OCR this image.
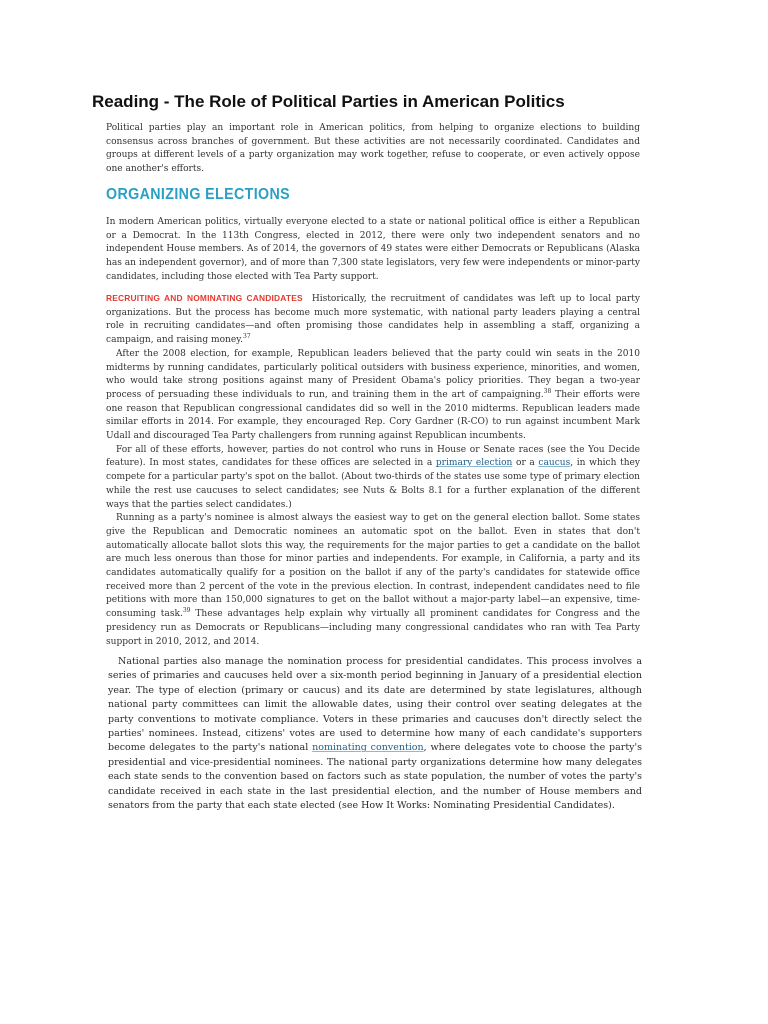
Reading - The Role of Political Parties in American Politics

Political parties play an important role in American politics, from helping to organize elections to building consensus across branches of government. But these activities are not necessarily coordinated. Candidates and groups at different levels of a party organization may work together, refuse to cooperate, or even actively oppose one another's efforts.

ORGANIZING ELECTIONS

In modern American politics, virtually everyone elected to a state or national political office is either a Republican or a Democrat. In the 113th Congress, elected in 2012, there were only two independent senators and no independent House members. As of 2014, the governors of 49 states were either Democrats or Republicans (Alaska has an independent governor), and of more than 7,300 state legislators, very few were independents or minor-party candidates, including those elected with Tea Party support.

RECRUITING AND NOMINATING CANDIDATES Historically, the recruitment of candidates was left up to local party organizations. But the process has become much more systematic, with national party leaders playing a central role in recruiting candidates—and often promising those candidates help in assembling a staff, organizing a campaign, and raising money.$^{37}$

After the 2008 election, for example, Republican leaders believed that the party could win seats in the 2010 midterms by running candidates, particularly political outsiders with business experience, minorities, and women, who would take strong positions against many of President Obama's policy priorities. They began a two-year process of persuading these individuals to run, and training them in the art of campaigning.$^{38}$ Their efforts were one reason that Republican congressional candidates did so well in the 2010 midterms. Republican leaders made similar efforts in 2014. For example, they encouraged Rep. Cory Gardner (R-CO) to run against incumbent Mark Udall and discouraged Tea Party challengers from running against Republican incumbents.

For all of these efforts, however, parties do not control who runs in House or Senate races (see the You Decide feature). In most states, candidates for these offices are selected in a primary election or a caucus, in which they compete for a particular party's spot on the ballot. (About two-thirds of the states use some type of primary election while the rest use caucuses to select candidates; see Nuts & Bolts 8.1 for a further explanation of the different ways that the parties select candidates.)

Running as a party's nominee is almost always the easiest way to get on the general election ballot. Some states give the Republican and Democratic nominees an automatic spot on the ballot. Even in states that don't automatically allocate ballot slots this way, the requirements for the major parties to get a candidate on the ballot are much less onerous than those for minor parties and independents. For example, in California, a party and its candidates automatically qualify for a position on the ballot if any of the party's candidates for statewide office received more than 2 percent of the vote in the previous election. In contrast, independent candidates need to file petitions with more than 150,000 signatures to get on the ballot without a major-party label—an expensive, time-consuming task.$^{39}$ These advantages help explain why virtually all prominent candidates for Congress and the presidency run as Democrats or Republicans—including many congressional candidates who ran with Tea Party support in 2010, 2012, and 2014.

National parties also manage the nomination process for presidential candidates. This process involves a series of primaries and caucuses held over a six-month period beginning in January of a presidential election year. The type of election (primary or caucus) and its date are determined by state legislatures, although national party committees can limit the allowable dates, using their control over seating delegates at the party conventions to motivate compliance. Voters in these primaries and caucuses don't directly select the parties' nominees. Instead, citizens' votes are used to determine how many of each candidate's supporters become delegates to the party's national nominating convention, where delegates vote to choose the party's presidential and vice-presidential nominees. The national party organizations determine how many delegates each state sends to the convention based on factors such as state population, the number of votes the party's candidate received in each state in the last presidential election, and the number of House members and senators from the party that each state elected (see How It Works: Nominating Presidential Candidates).
